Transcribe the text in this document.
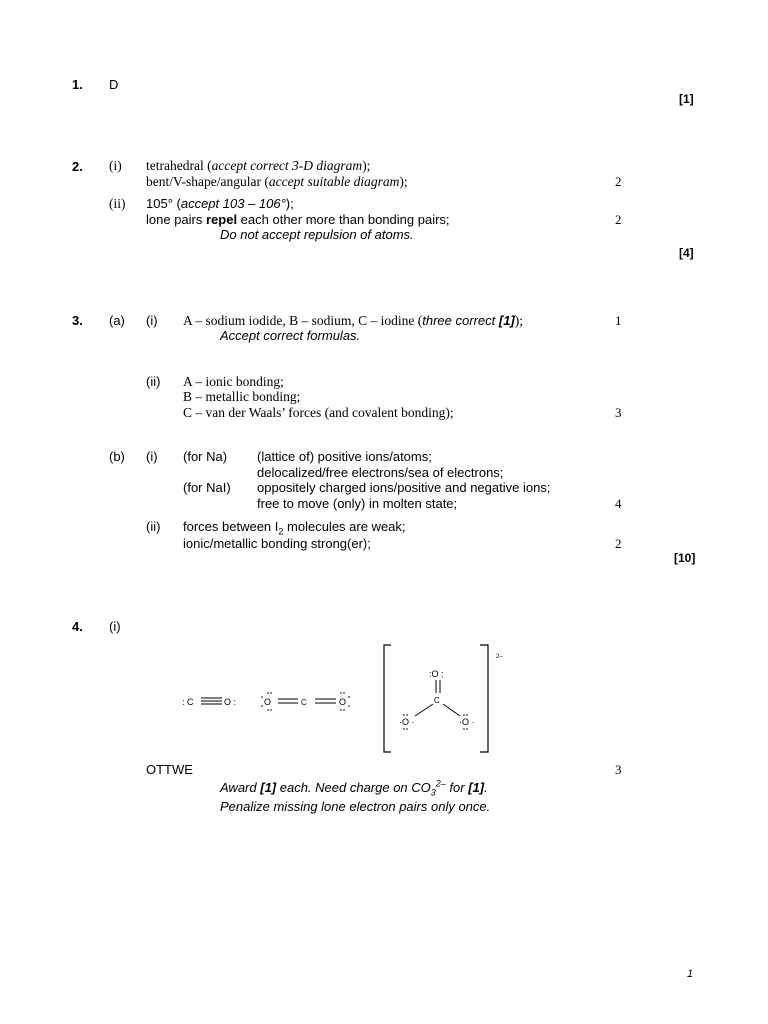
1. D
[1]
2. (i) tetrahedral (accept correct 3-D diagram);
bent/V-shape/angular (accept suitable diagram);	2
(ii) 105° (accept 103 – 106°);
lone pairs repel each other more than bonding pairs;	2
Do not accept repulsion of atoms.
[4]
3. (a) (i) A – sodium iodide, B – sodium, C – iodine (three correct [1]);	1
Accept correct formulas.
(ii) A – ionic bonding;
B – metallic bonding;
C – van der Waals’ forces (and covalent bonding);	3
(b) (i) (for Na) (lattice of) positive ions/atoms;
delocalized/free electrons/sea of electrons;
(for NaI) oppositely charged ions/positive and negative ions;
free to move (only) in molten state;	4
(ii) forces between $I_2$ molecules are weak;
ionic/metallic bonding strong(er);	2
[10]
4. (i)
: C	O :	O	C	O
2–
:O :
C
·O ·	·O ·
OTTWE	3
Award [1] each. Need charge on $CO_3^{2-}$ for [1].
Penalize missing lone electron pairs only once.
1
